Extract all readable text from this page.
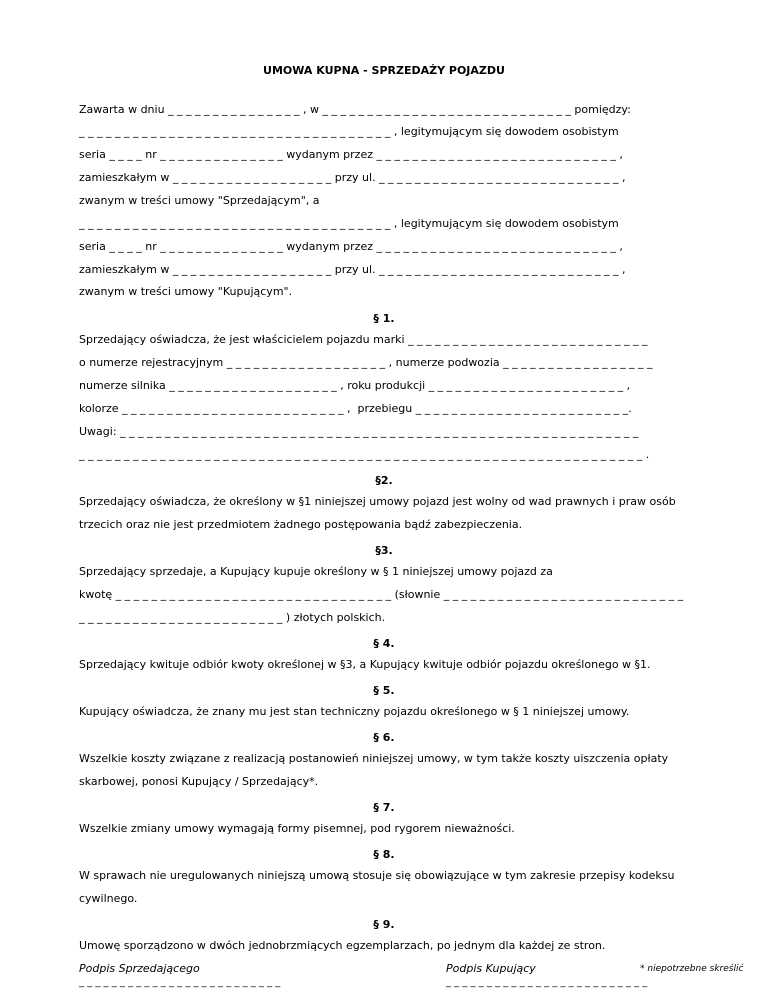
UMOWA KUPNA - SPRZEDAŻY POJAZDU
Zawarta w dniu _ _ _ _ _ _ _ _ _ _ _ _ _ _ _ , w _ _ _ _ _ _ _ _ _ _ _ _ _ _ _ _ _ _ _ _ _ _ _ _ _ _ _ _ pomiędzy:
_ _ _ _ _ _ _ _ _ _ _ _ _ _ _ _ _ _ _ _ _ _ _ _ _ _ _ _ _ _ _ _ _ _ _ , legitymującym się dowodem osobistym
seria _ _ _ _ nr _ _ _ _ _ _ _ _ _ _ _ _ _ _ wydanym przez _ _ _ _ _ _ _ _ _ _ _ _ _ _ _ _ _ _ _ _ _ _ _ _ _ _ _ ,
zamieszkałym w _ _ _ _ _ _ _ _ _ _ _ _ _ _ _ _ _ _ przy ul. _ _ _ _ _ _ _ _ _ _ _ _ _ _ _ _ _ _ _ _ _ _ _ _ _ _ _ ,
zwanym w treści umowy "Sprzedającym", a
_ _ _ _ _ _ _ _ _ _ _ _ _ _ _ _ _ _ _ _ _ _ _ _ _ _ _ _ _ _ _ _ _ _ _ , legitymującym się dowodem osobistym
seria _ _ _ _ nr _ _ _ _ _ _ _ _ _ _ _ _ _ _ wydanym przez _ _ _ _ _ _ _ _ _ _ _ _ _ _ _ _ _ _ _ _ _ _ _ _ _ _ _ ,
zamieszkałym w _ _ _ _ _ _ _ _ _ _ _ _ _ _ _ _ _ _ przy ul. _ _ _ _ _ _ _ _ _ _ _ _ _ _ _ _ _ _ _ _ _ _ _ _ _ _ _ ,
zwanym w treści umowy "Kupującym".
§ 1.
Sprzedający oświadcza, że jest właścicielem pojazdu marki _ _ _ _ _ _ _ _ _ _ _ _ _ _ _ _ _ _ _ _ _ _ _ _ _ _ _
o numerze rejestracyjnym _ _ _ _ _ _ _ _ _ _ _ _ _ _ _ _ _ _ , numerze podwozia _ _ _ _ _ _ _ _ _ _ _ _ _ _ _ _ _
numerze silnika _ _ _ _ _ _ _ _ _ _ _ _ _ _ _ _ _ _ _ , roku produkcji _ _ _ _ _ _ _ _ _ _ _ _ _ _ _ _ _ _ _ _ _ _ ,
kolorze _ _ _ _ _ _ _ _ _ _ _ _ _ _ _ _ _ _ _ _ _ _ _ _ _ ,  przebiegu _ _ _ _ _ _ _ _ _ _ _ _ _ _ _ _ _ _ _ _ _ _ _ _.
Uwagi: _ _ _ _ _ _ _ _ _ _ _ _ _ _ _ _ _ _ _ _ _ _ _ _ _ _ _ _ _ _ _ _ _ _ _ _ _ _ _ _ _ _ _ _ _ _ _ _ _ _ _ _ _ _ _ _ _ _
_ _ _ _ _ _ _ _ _ _ _ _ _ _ _ _ _ _ _ _ _ _ _ _ _ _ _ _ _ _ _ _ _ _ _ _ _ _ _ _ _ _ _ _ _ _ _ _ _ _ _ _ _ _ _ _ _ _ _ _ _ _ _ .
§2.
Sprzedający oświadcza, że określony w §1 niniejszej umowy pojazd jest wolny od wad prawnych i praw osób
trzecich oraz nie jest przedmiotem żadnego postępowania bądź zabezpieczenia.
§3.
Sprzedający sprzedaje, a Kupujący kupuje określony w § 1 niniejszej umowy pojazd za
kwotę _ _ _ _ _ _ _ _ _ _ _ _ _ _ _ _ _ _ _ _ _ _ _ _ _ _ _ _ _ _ _ (słownie _ _ _ _ _ _ _ _ _ _ _ _ _ _ _ _ _ _ _ _ _ _ _ _ _ _ _
_ _ _ _ _ _ _ _ _ _ _ _ _ _ _ _ _ _ _ _ _ _ _ ) złotych polskich.
§ 4.
Sprzedający kwituje odbiór kwoty określonej w §3, a Kupujący kwituje odbiór pojazdu określonego w §1.
§ 5.
Kupujący oświadcza, że znany mu jest stan techniczny pojazdu określonego w § 1 niniejszej umowy.
§ 6.
Wszelkie koszty związane z realizacją postanowień niniejszej umowy, w tym także koszty uiszczenia opłaty
skarbowej, ponosi Kupujący / Sprzedający*.
§ 7.
Wszelkie zmiany umowy wymagają formy pisemnej, pod rygorem nieważności.
§ 8.
W sprawach nie uregulowanych niniejszą umową stosuje się obowiązujące w tym zakresie przepisy kodeksu
cywilnego.
§ 9.
Umowę sporządzono w dwóch jednobrzmiących egzemplarzach, po jednym dla każdej ze stron.
Podpis Sprzedającego	Podpis Kupujący
_ _ _ _ _ _ _ _ _ _ _ _ _ _ _ _ _ _ _ _ _ _ _ _ _	_ _ _ _ _ _ _ _ _ _ _ _ _ _ _ _ _ _ _ _ _ _ _ _ _
* niepotrzebne skreślić
